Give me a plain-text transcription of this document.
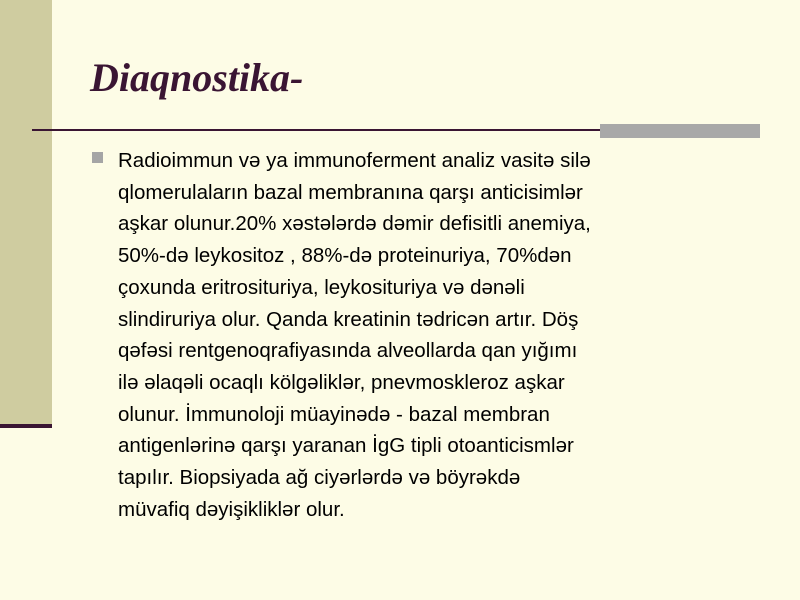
Diaqnostika-

Radioimmun vә ya immunoferment analiz vasitә silә
qlomerulaların bazal membranına qarşı anticisimlәr
aşkar olunur.20% xәstәlәrdә dәmir defisitli anemiya,
50%-dә leykositoz , 88%-dә proteinuriya, 70%dәn
çoxunda eritrosituriya, leykosituriya vә dәnәli
slindiruriya olur. Qanda kreatinin tәdricәn artır. Döş
qәfәsi rentgenoqrafiyasında alveollarda qan yığımı
ilә әlaqәli ocaqlı kölgәliklәr, pnevmoskleroz aşkar
olunur. İmmunoloji müayinәdә - bazal membran
antigenlәrinә qarşı yaranan İgG tipli otoanticismlәr
tapılır. Biopsiyada ağ ciyәrlәrdә vә böyrәkdә
müvafiq dәyişikliklәr olur.
